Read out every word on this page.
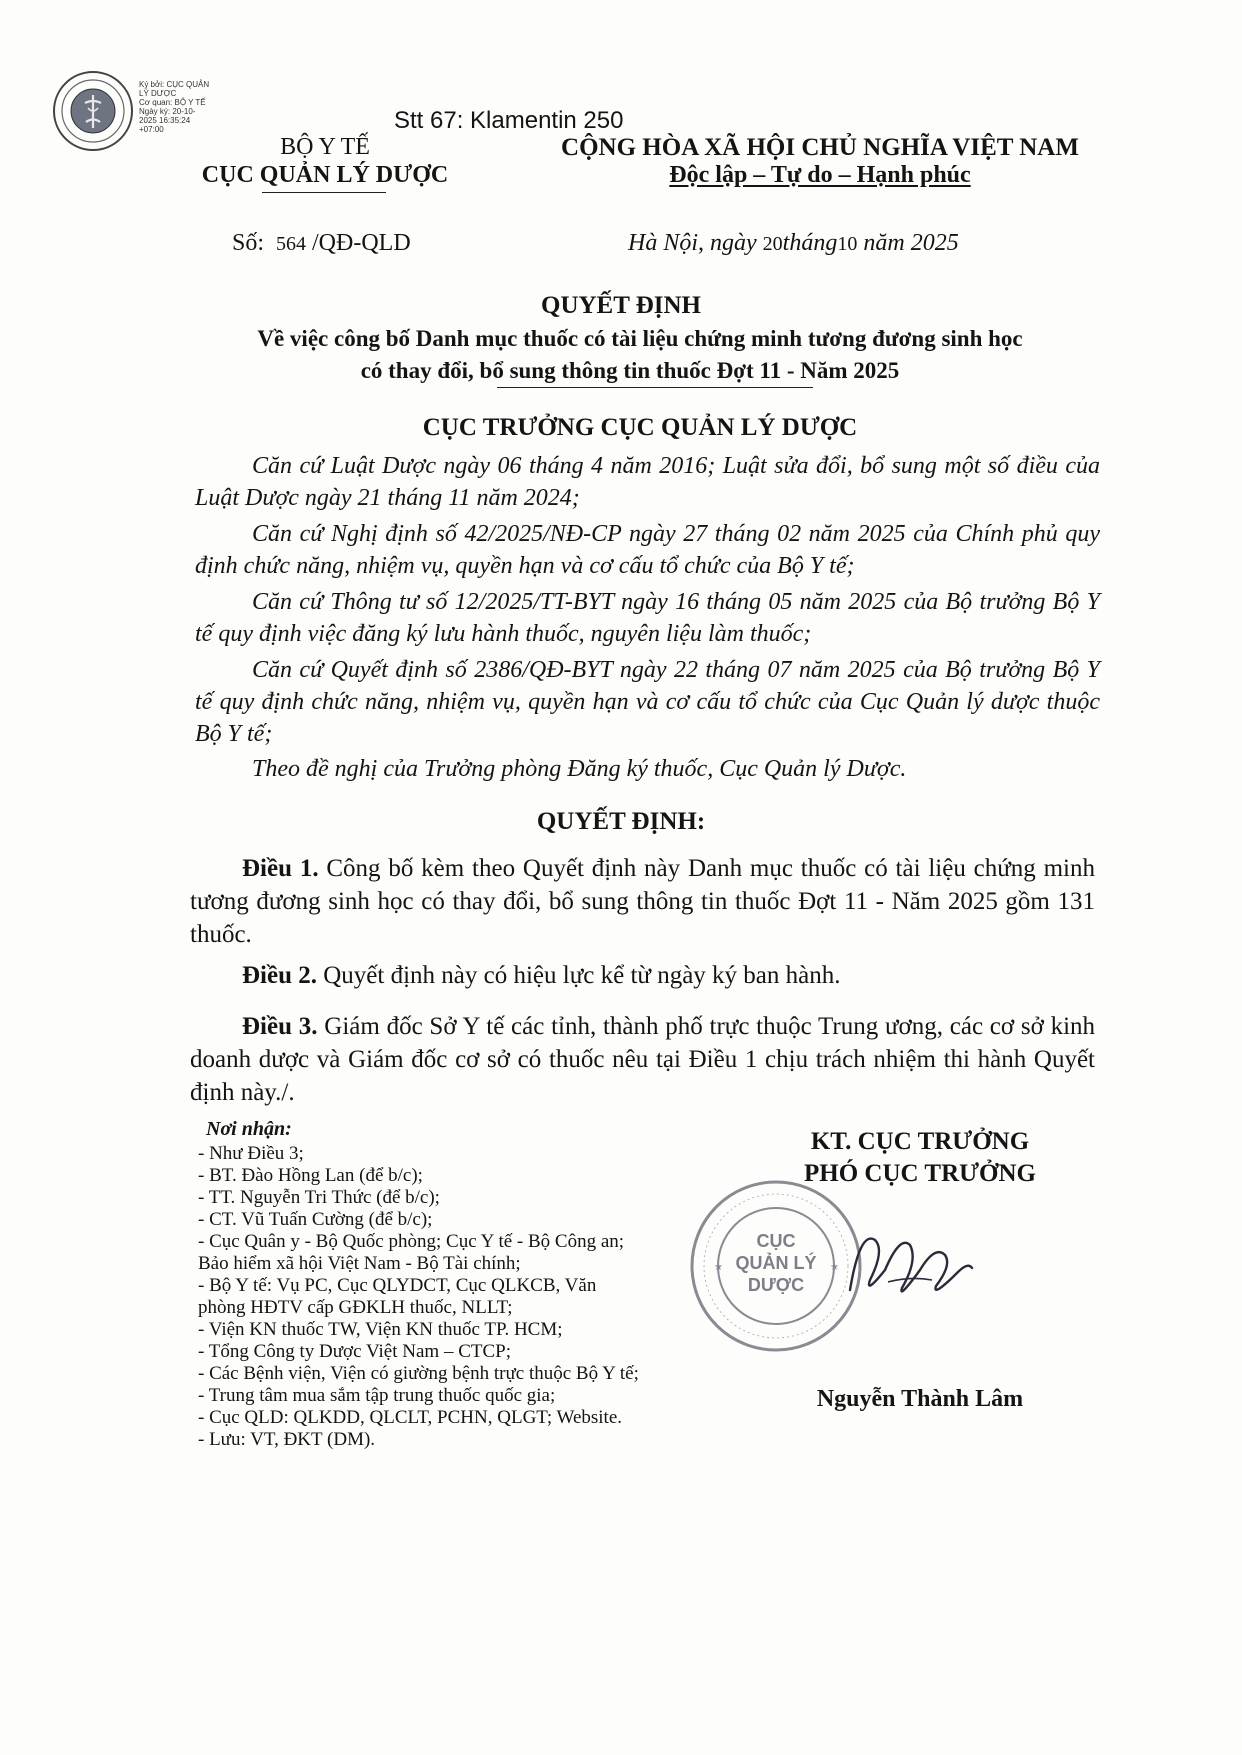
Ký bởi: CỤC QUẢN
LÝ DƯỢC
Cơ quan: BỘ Y TẾ
Ngày ký: 20-10-
2025 16:35:24
+07:00	Stt 67: Klamentin 250
BỘ Y TẾ
CỤC QUẢN LÝ DƯỢC
CỘNG HÒA XÃ HỘI CHỦ NGHĨA VIỆT NAM
Độc lập – Tự do – Hạnh phúc
Số: 564 /QĐ-QLD	Hà Nội, ngày 20tháng10 năm 2025
QUYẾT ĐỊNH
Về việc công bố Danh mục thuốc có tài liệu chứng minh tương đương sinh học
có thay đổi, bổ sung thông tin thuốc Đợt 11 - Năm 2025
CỤC TRƯỞNG CỤC QUẢN LÝ DƯỢC
Căn cứ Luật Dược ngày 06 tháng 4 năm 2016; Luật sửa đổi, bổ sung một số điều của Luật Dược ngày 21 tháng 11 năm 2024;
Căn cứ Nghị định số 42/2025/NĐ-CP ngày 27 tháng 02 năm 2025 của Chính phủ quy định chức năng, nhiệm vụ, quyền hạn và cơ cấu tổ chức của Bộ Y tế;
Căn cứ Thông tư số 12/2025/TT-BYT ngày 16 tháng 05 năm 2025 của Bộ trưởng Bộ Y tế quy định việc đăng ký lưu hành thuốc, nguyên liệu làm thuốc;
Căn cứ Quyết định số 2386/QĐ-BYT ngày 22 tháng 07 năm 2025 của Bộ trưởng Bộ Y tế quy định chức năng, nhiệm vụ, quyền hạn và cơ cấu tổ chức của Cục Quản lý dược thuộc Bộ Y tế;
Theo đề nghị của Trưởng phòng Đăng ký thuốc, Cục Quản lý Dược.
QUYẾT ĐỊNH:
Điều 1. Công bố kèm theo Quyết định này Danh mục thuốc có tài liệu chứng minh tương đương sinh học có thay đổi, bổ sung thông tin thuốc Đợt 11 - Năm 2025 gồm 131 thuốc.
Điều 2. Quyết định này có hiệu lực kể từ ngày ký ban hành.
Điều 3. Giám đốc Sở Y tế các tỉnh, thành phố trực thuộc Trung ương, các cơ sở kinh doanh dược và Giám đốc cơ sở có thuốc nêu tại Điều 1 chịu trách nhiệm thi hành Quyết định này./.
Nơi nhận:
- Như Điều 3;
- BT. Đào Hồng Lan (để b/c);
- TT. Nguyễn Tri Thức (để b/c);
- CT. Vũ Tuấn Cường (để b/c);
- Cục Quân y - Bộ Quốc phòng; Cục Y tế - Bộ Công an;
Bảo hiểm xã hội Việt Nam - Bộ Tài chính;
- Bộ Y tế: Vụ PC, Cục QLYDCT, Cục QLKCB, Văn
phòng HĐTV cấp GĐKLH thuốc, NLLT;
- Viện KN thuốc TW, Viện KN thuốc TP. HCM;
- Tổng Công ty Dược Việt Nam – CTCP;
- Các Bệnh viện, Viện có giường bệnh trực thuộc Bộ Y tế;
- Trung tâm mua sắm tập trung thuốc quốc gia;
- Cục QLD: QLKDD, QLCLT, PCHN, QLGT; Website.
- Lưu: VT, ĐKT (DM).
KT. CỤC TRƯỞNG
PHÓ CỤC TRƯỞNG
★	★
CỤC
QUẢN LÝ
DƯỢC
Nguyễn Thành Lâm
